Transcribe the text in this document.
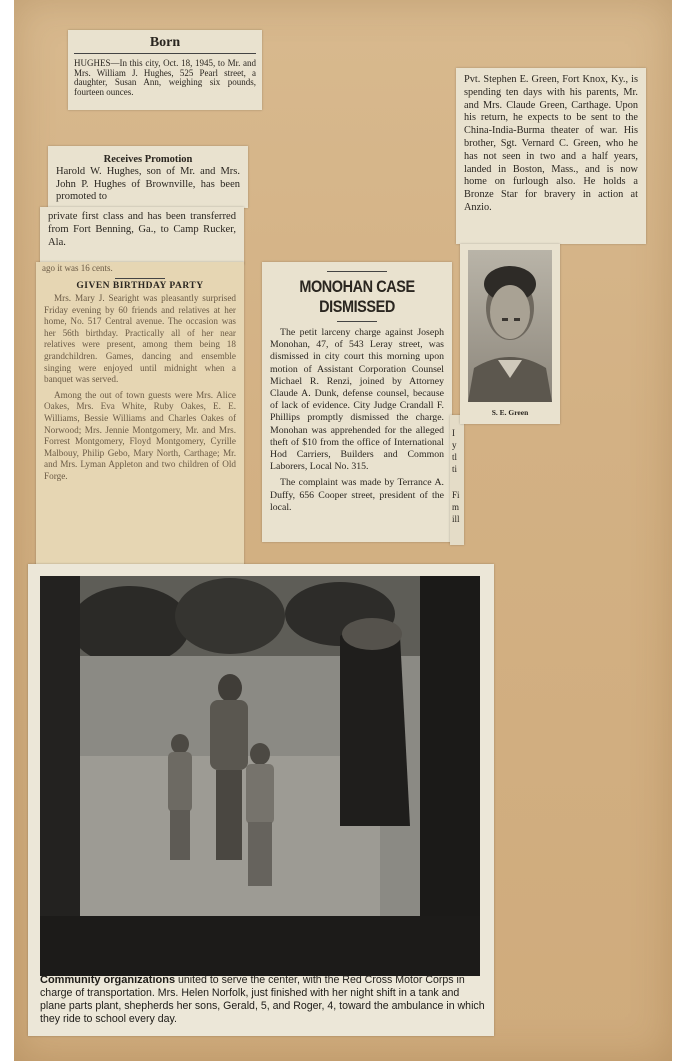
Born
HUGHES—In this city, Oct. 18, 1945, to Mr. and Mrs. William J. Hughes, 525 Pearl street, a daughter, Susan Ann, weighing six pounds, fourteen ounces.
Receives Promotion
Harold W. Hughes, son of Mr. and Mrs. John P. Hughes of Brownville, has been promoted to
private first class and has been transferred from Fort Benning, Ga., to Camp Rucker, Ala.
ago it was 16 cents.
GIVEN BIRTHDAY PARTY
Mrs. Mary J. Searight was pleasantly surprised Friday evening by 60 friends and relatives at her home, No. 517 Central avenue. The occasion was her 56th birthday. Practically all of her near relatives were present, among them being 18 grandchildren. Games, dancing and ensemble singing were enjoyed until midnight when a banquet was served.
Among the out of town guests were Mrs. Alice Oakes, Mrs. Eva White, Ruby Oakes, E. E. Williams, Bessie Williams and Charles Oakes of Norwood; Mrs. Jennie Montgomery, Mr. and Mrs. Forrest Montgomery, Floyd Montgomery, Cyrille Malbouy, Philip Gebo, Mary North, Carthage; Mr. and Mrs. Lyman Appleton and two children of Old Forge.
MONOHAN CASE DISMISSED
The petit larceny charge against Joseph Monohan, 47, of 543 Leray street, was dismissed in city court this morning upon motion of Assistant Corporation Counsel Michael R. Renzi, joined by Attorney Claude A. Dunk, defense counsel, because of lack of evidence. City Judge Crandall F. Phillips promptly dismissed the charge. Monohan was apprehended for the alleged theft of $10 from the office of International Hod Carriers, Builders and Common Laborers, Local No. 315.
The complaint was made by Terrance A. Duffy, 656 Cooper street, president of the local.
Pvt. Stephen E. Green, Fort Knox, Ky., is spending ten days with his parents, Mr. and Mrs. Claude Green, Carthage. Upon his return, he expects to be sent to the China-India-Burma theater of war. His brother, Sgt. Vernard C. Green, who he has not seen in two and a half years, landed in Boston, Mass., and is now home on furlough also. He holds a Bronze Star for bravery in action at Anzio.
I
y
tl
ti
Fi
m
ill
S. E. Green
Community organizations united to serve the center, with the Red Cross Motor Corps in charge of transportation. Mrs. Helen Norfolk, just finished with her night shift in a tank and plane parts plant, shepherds her sons, Gerald, 5, and Roger, 4, toward the ambulance in which they ride to school every day.
